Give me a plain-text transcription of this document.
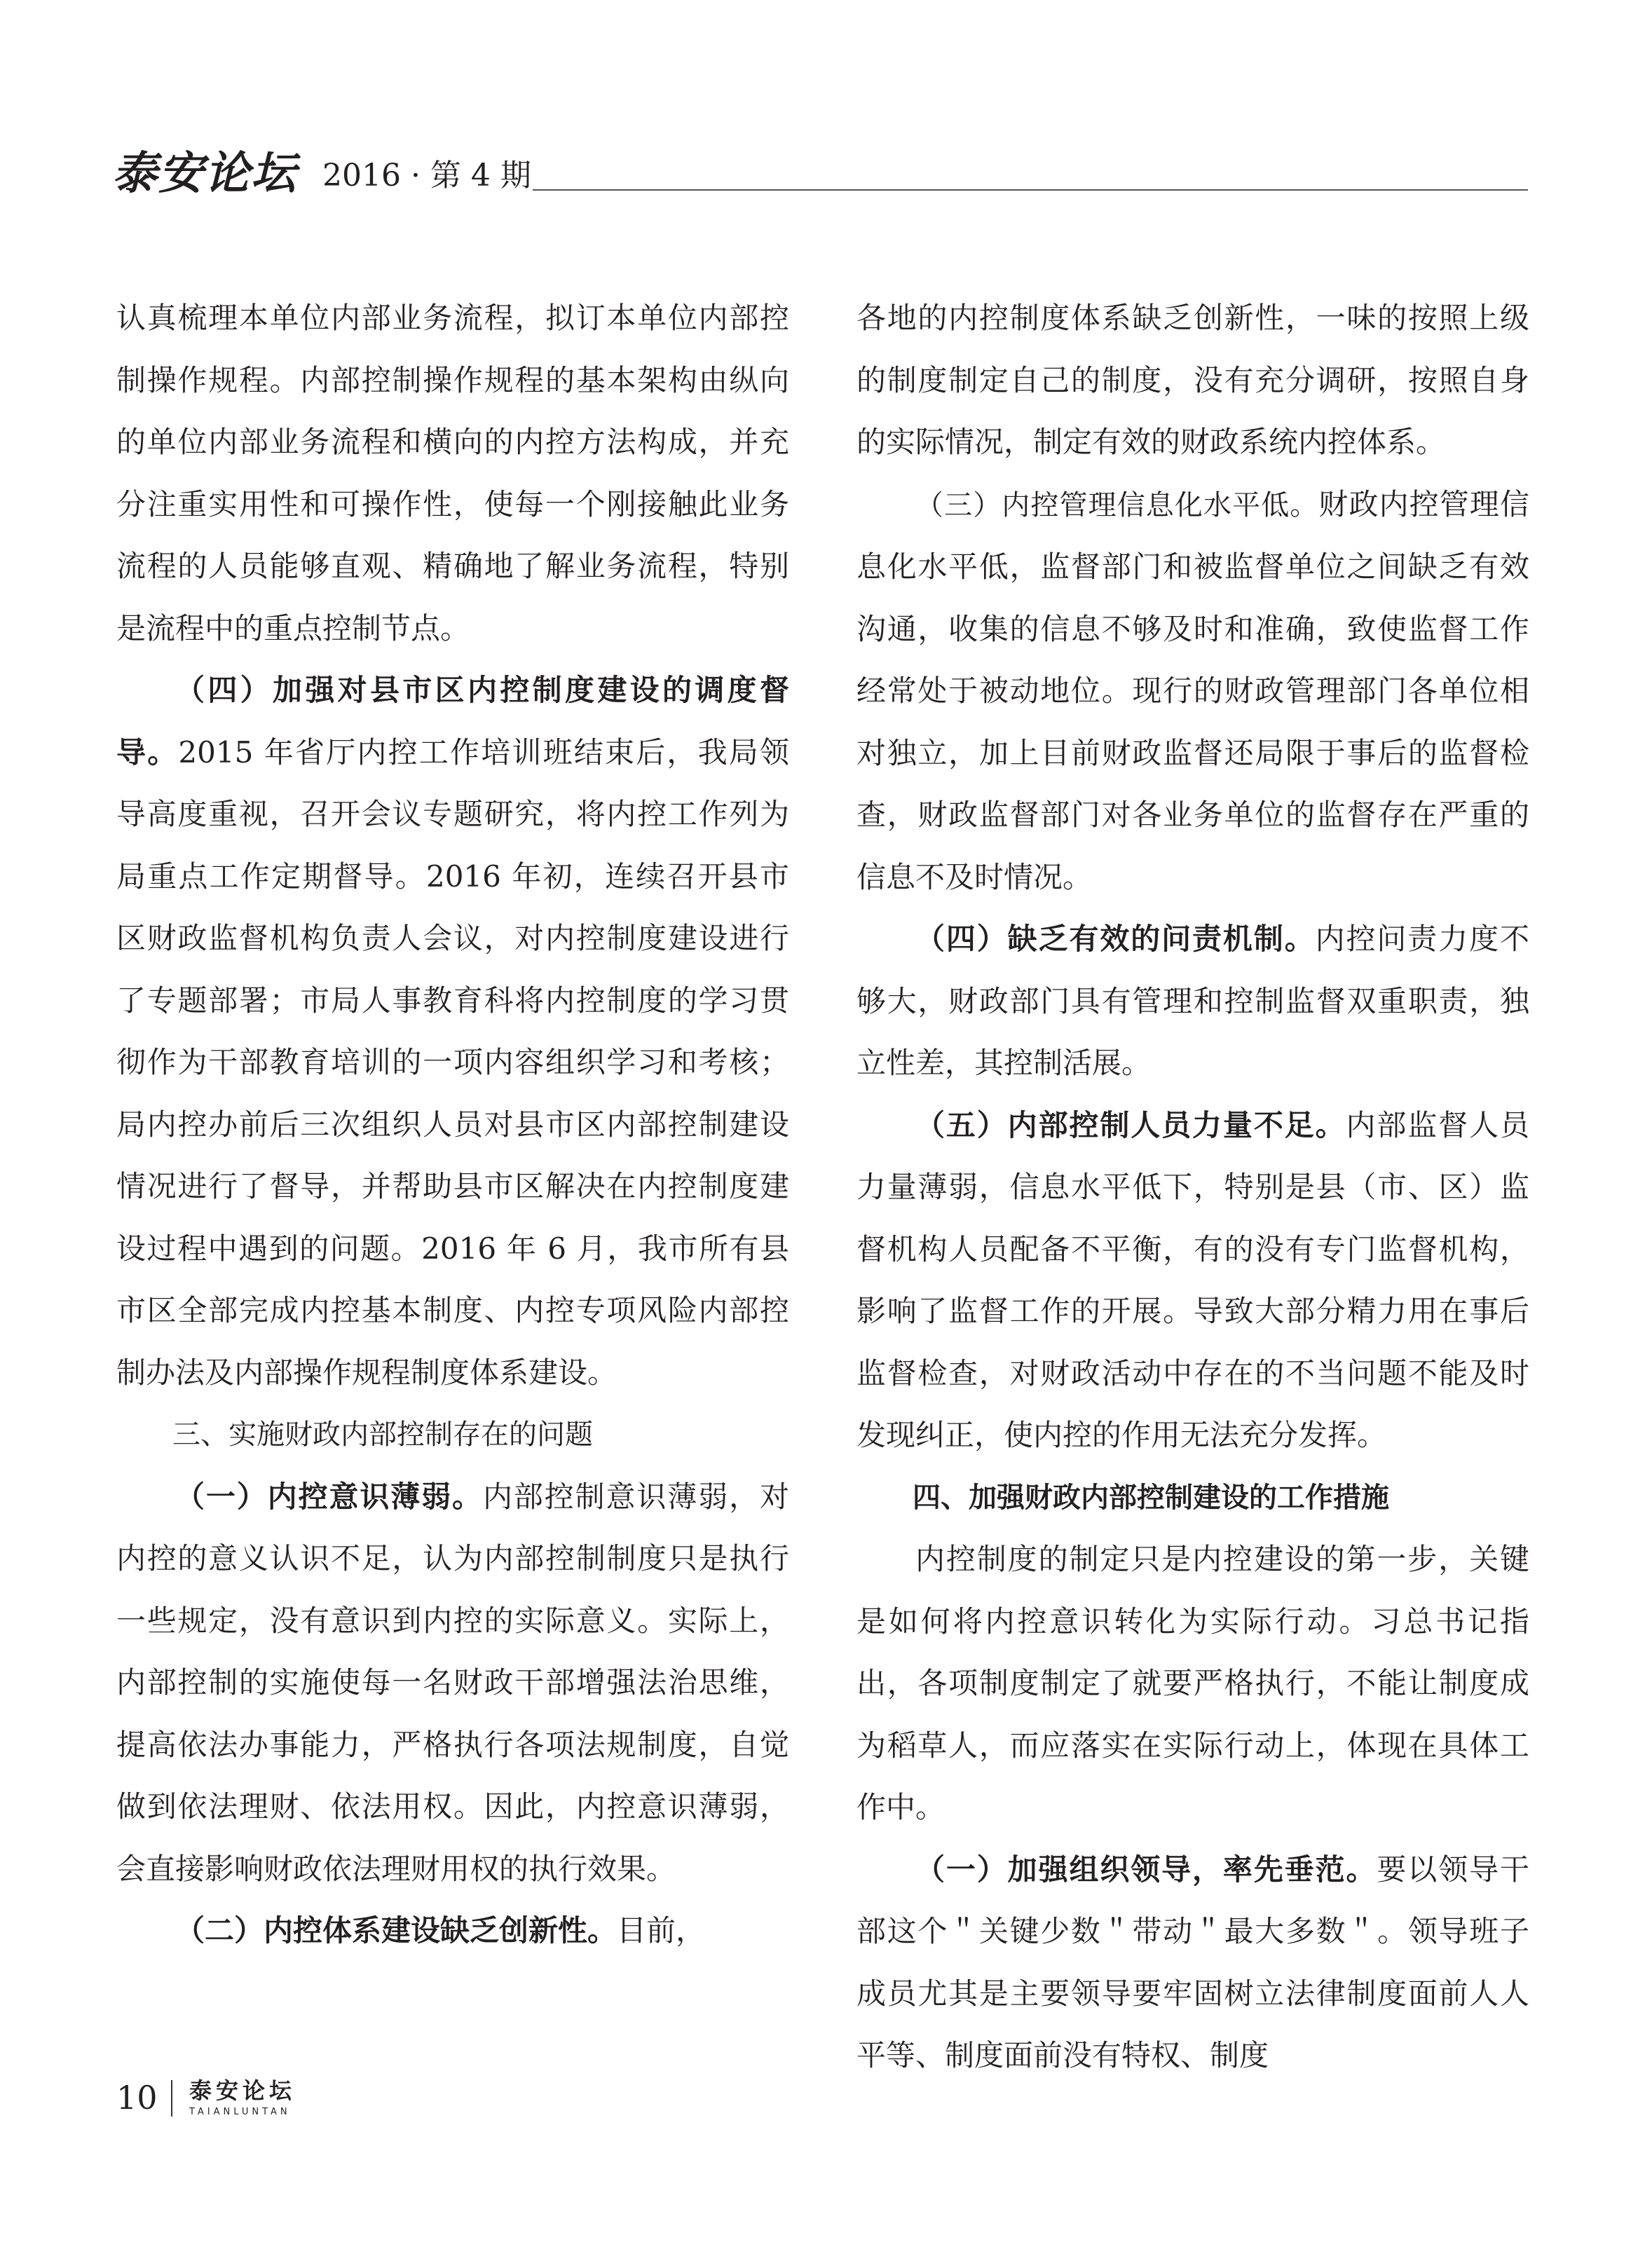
泰安论坛 2016 · 第 4 期

认真梳理本单位内部业务流程，拟订本单位内部控制操作规程。内部控制操作规程的基本架构由纵向的单位内部业务流程和横向的内控方法构成，并充分注重实用性和可操作性，使每一个刚接触此业务流程的人员能够直观、精确地了解业务流程，特别是流程中的重点控制节点。

（四）加强对县市区内控制度建设的调度督导。2015 年省厅内控工作培训班结束后，我局领导高度重视，召开会议专题研究，将内控工作列为局重点工作定期督导。2016 年初，连续召开县市区财政监督机构负责人会议，对内控制度建设进行了专题部署；市局人事教育科将内控制度的学习贯彻作为干部教育培训的一项内容组织学习和考核；局内控办前后三次组织人员对县市区内部控制建设情况进行了督导，并帮助县市区解决在内控制度建设过程中遇到的问题。2016 年 6 月，我市所有县市区全部完成内控基本制度、内控专项风险内部控制办法及内部操作规程制度体系建设。

三、实施财政内部控制存在的问题

（一）内控意识薄弱。内部控制意识薄弱，对内控的意义认识不足，认为内部控制制度只是执行一些规定，没有意识到内控的实际意义。实际上，内部控制的实施使每一名财政干部增强法治思维，提高依法办事能力，严格执行各项法规制度，自觉做到依法理财、依法用权。因此，内控意识薄弱，会直接影响财政依法理财用权的执行效果。

（二）内控体系建设缺乏创新性。目前，

各地的内控制度体系缺乏创新性，一味的按照上级的制度制定自己的制度，没有充分调研，按照自身的实际情况，制定有效的财政系统内控体系。

（三）内控管理信息化水平低。财政内控管理信息化水平低，监督部门和被监督单位之间缺乏有效沟通，收集的信息不够及时和准确，致使监督工作经常处于被动地位。现行的财政管理部门各单位相对独立，加上目前财政监督还局限于事后的监督检查，财政监督部门对各业务单位的监督存在严重的信息不及时情况。

（四）缺乏有效的问责机制。内控问责力度不够大，财政部门具有管理和控制监督双重职责，独立性差，其控制活展。

（五）内部控制人员力量不足。内部监督人员力量薄弱，信息水平低下，特别是县（市、区）监督机构人员配备不平衡，有的没有专门监督机构，影响了监督工作的开展。导致大部分精力用在事后监督检查，对财政活动中存在的不当问题不能及时发现纠正，使内控的作用无法充分发挥。

四、加强财政内部控制建设的工作措施

内控制度的制定只是内控建设的第一步，关键是如何将内控意识转化为实际行动。习总书记指出，各项制度制定了就要严格执行，不能让制度成为稻草人，而应落实在实际行动上，体现在具体工作中。

（一）加强组织领导，率先垂范。要以领导干部这个＂关键少数＂带动＂最大多数＂。领导班子成员尤其是主要领导要牢固树立法律制度面前人人平等、制度面前没有特权、制度

10 泰安论坛
TAIANLUNTAN
